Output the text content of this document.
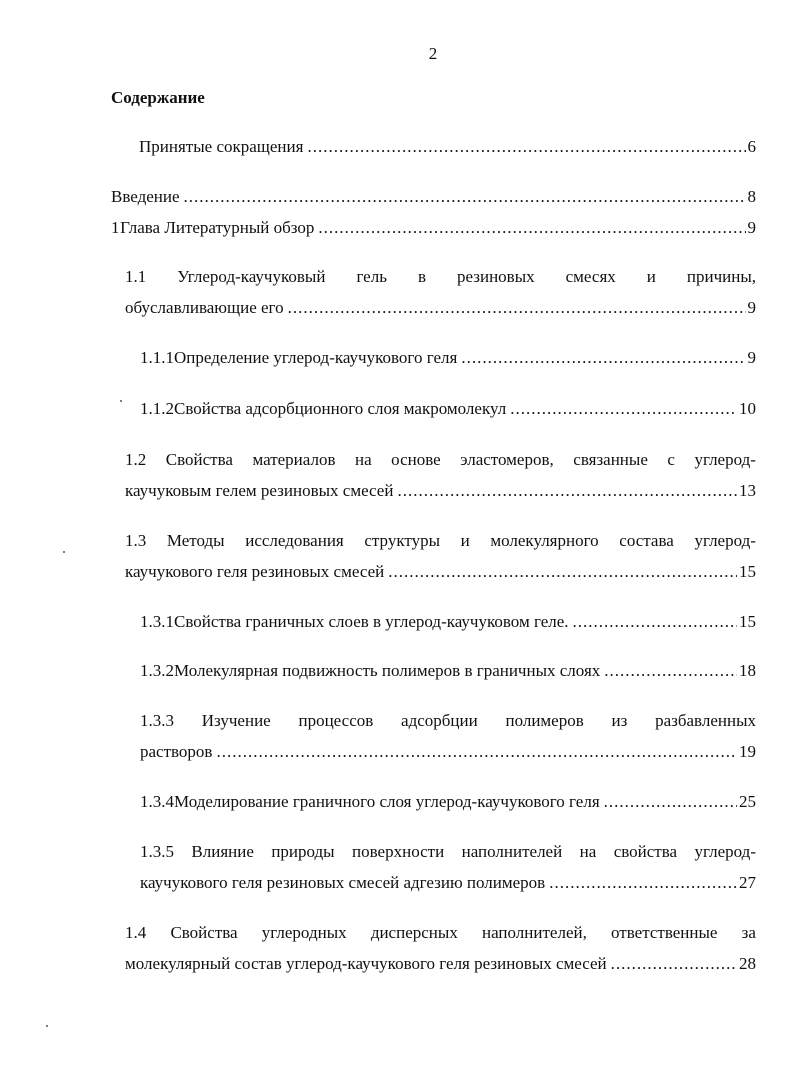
2
Содержание
Принятые сокращения .....	6
Введение .....	8
1 Глава Литературный обзор .....	9
1.1 Углерод-каучуковый гель в резиновых смесях и причины,
обуславливающие его .....	9
1.1.1 Определение углерод-каучукового геля .....	9
1.1.2 Свойства адсорбционного слоя макромолекул .....	10
1.2 Свойства материалов на основе эластомеров, связанные с углерод-
каучуковым гелем резиновых смесей .....	13
1.3 Методы исследования структуры и молекулярного состава углерод-
каучукового геля резиновых смесей .....	15
1.3.1 Свойства граничных слоев в углерод-каучуковом геле. .....	15
1.3.2 Молекулярная подвижность полимеров в граничных слоях .....	18
1.3.3 Изучение процессов адсорбции полимеров из разбавленных
растворов .....	19
1.3.4 Моделирование граничного слоя углерод-каучукового геля .....	25
1.3.5 Влияние природы поверхности наполнителей на свойства углерод-
каучукового геля резиновых смесей адгезию полимеров .....	27
1.4 Свойства углеродных дисперсных наполнителей, ответственные за
молекулярный состав углерод-каучукового геля резиновых смесей .....	28
